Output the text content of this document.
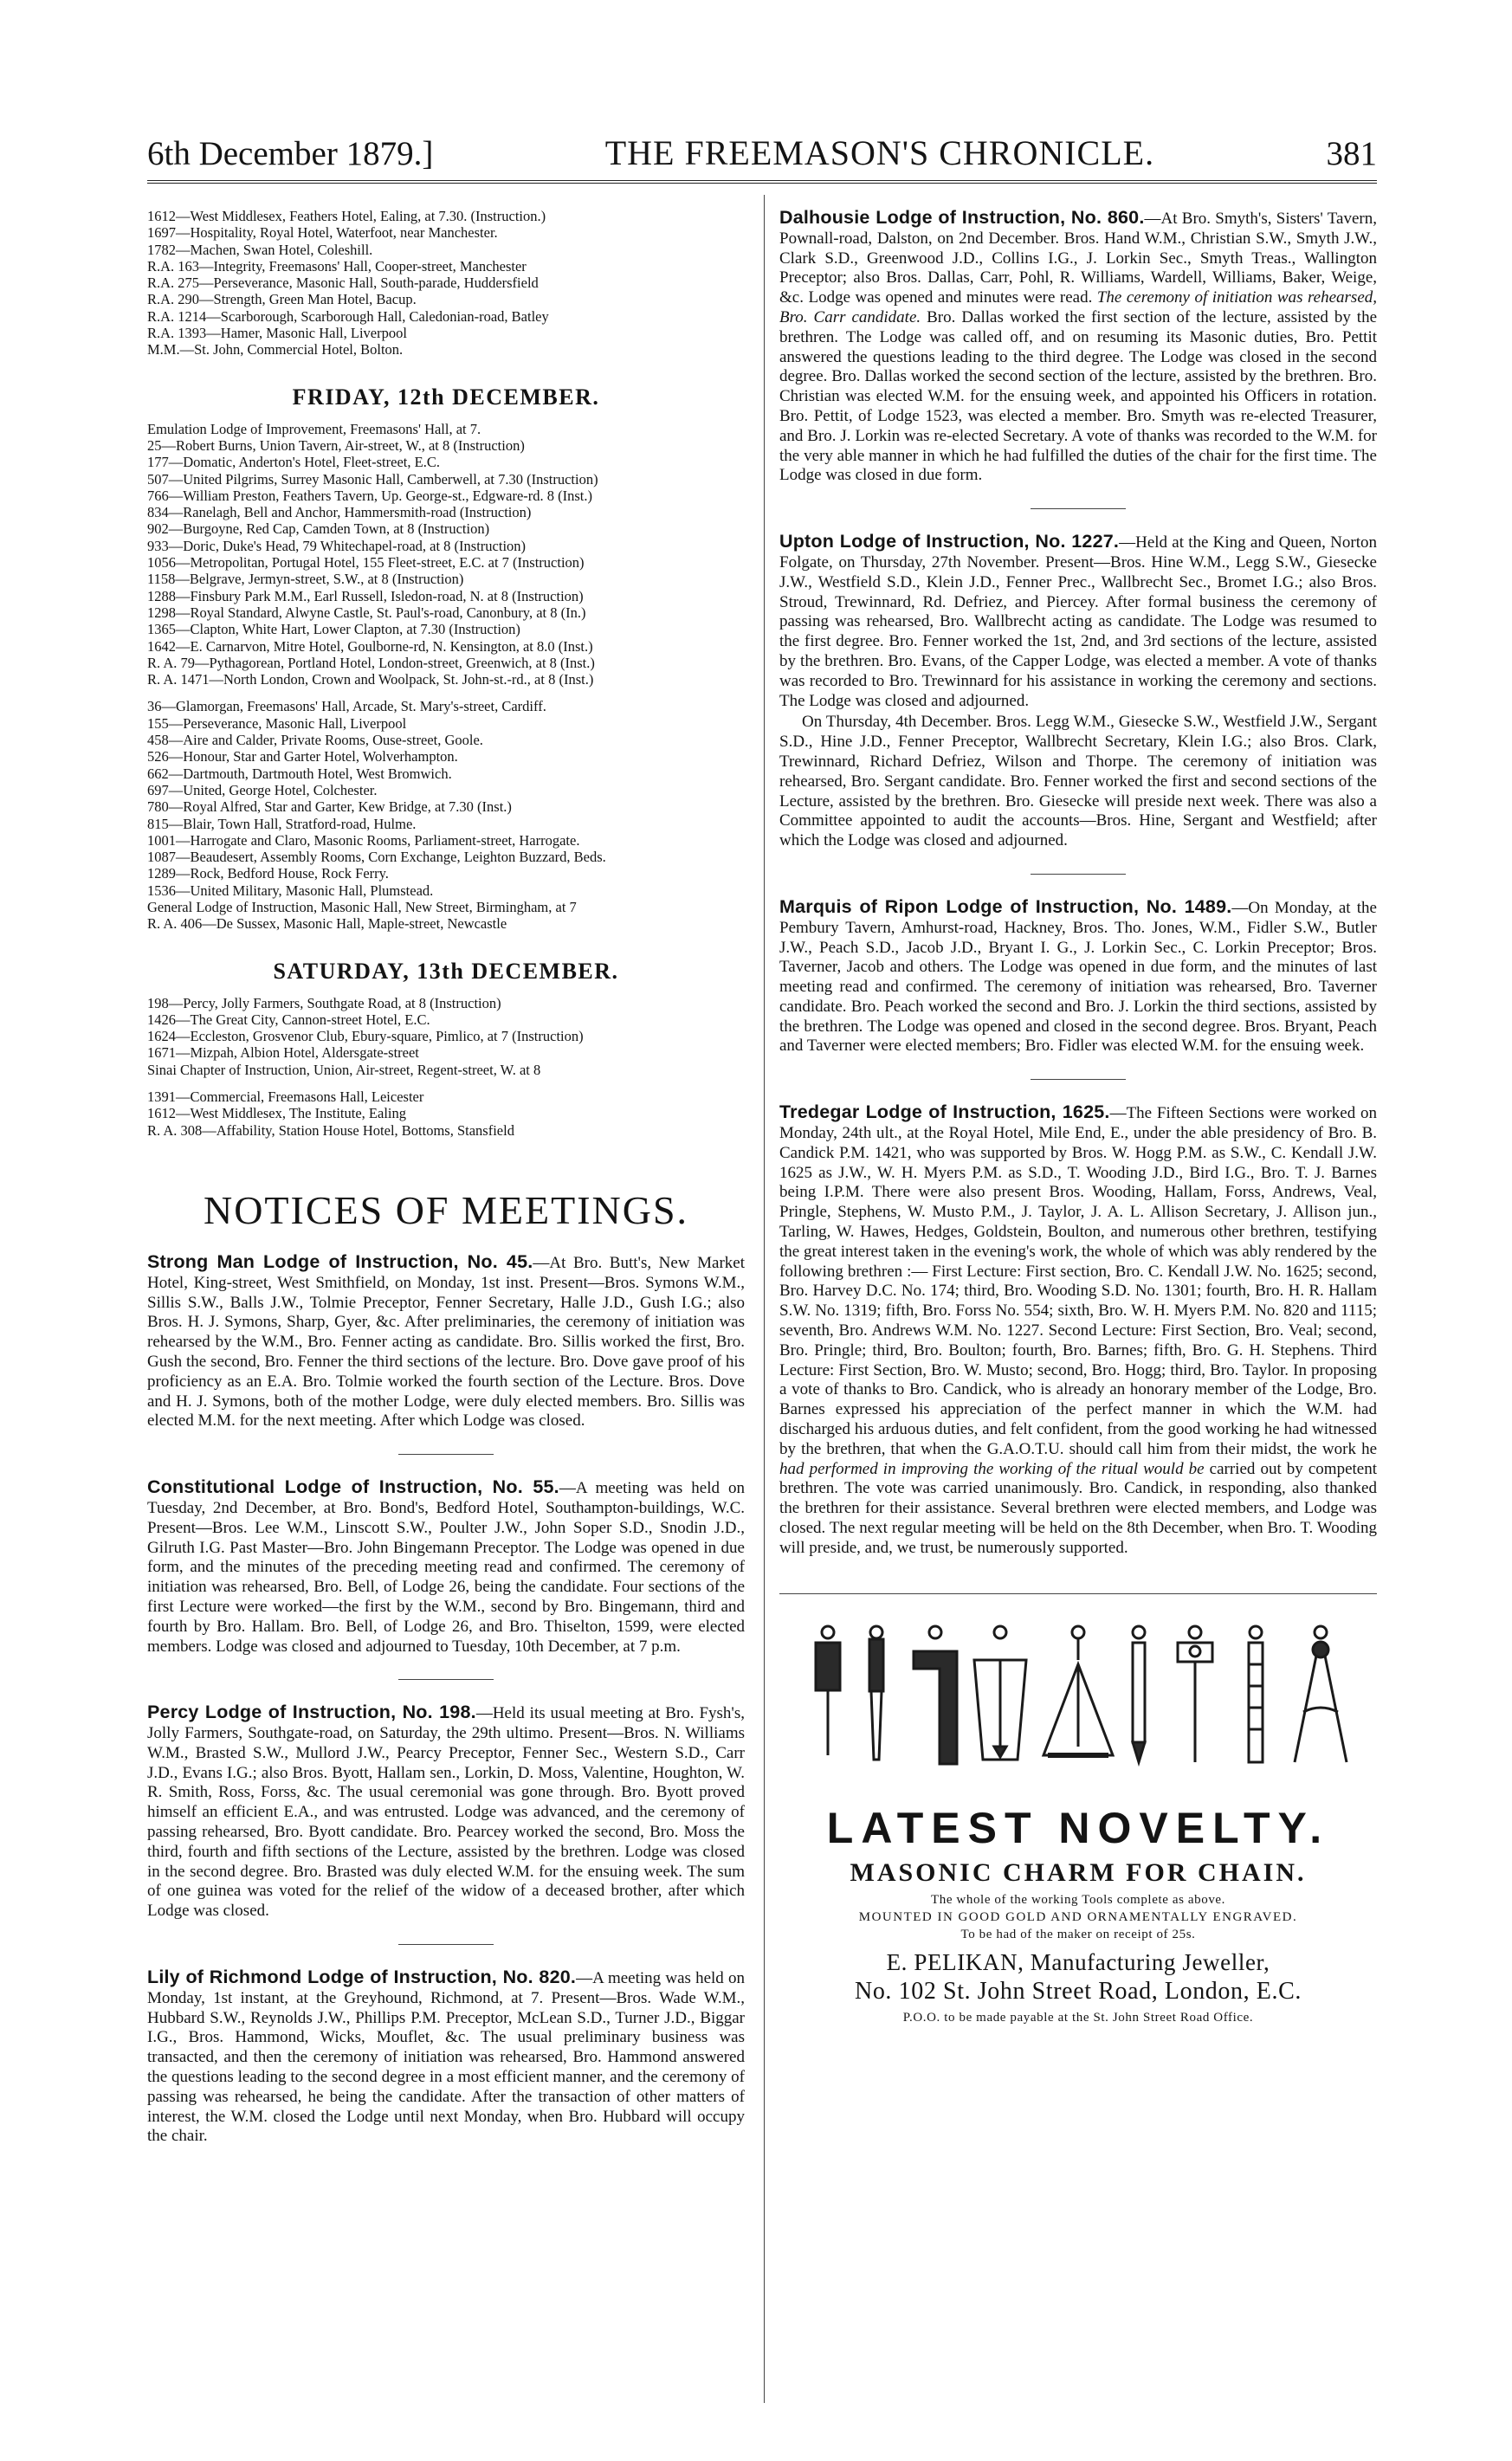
6th December 1879.]	THE FREEMASON'S CHRONICLE.	381
1612—West Middlesex, Feathers Hotel, Ealing, at 7.30. (Instruction.)
1697—Hospitality, Royal Hotel, Waterfoot, near Manchester.
1782—Machen, Swan Hotel, Coleshill.
R.A. 163—Integrity, Freemasons' Hall, Cooper-street, Manchester
R.A. 275—Perseverance, Masonic Hall, South-parade, Huddersfield
R.A. 290—Strength, Green Man Hotel, Bacup.
R.A. 1214—Scarborough, Scarborough Hall, Caledonian-road, Batley
R.A. 1393—Hamer, Masonic Hall, Liverpool
M.M.—St. John, Commercial Hotel, Bolton.
FRIDAY, 12th DECEMBER.
Emulation Lodge of Improvement, Freemasons' Hall, at 7.
25—Robert Burns, Union Tavern, Air-street, W., at 8 (Instruction)
177—Domatic, Anderton's Hotel, Fleet-street, E.C.
507—United Pilgrims, Surrey Masonic Hall, Camberwell, at 7.30 (Instruction)
766—William Preston, Feathers Tavern, Up. George-st., Edgware-rd. 8 (Inst.)
834—Ranelagh, Bell and Anchor, Hammersmith-road (Instruction)
902—Burgoyne, Red Cap, Camden Town, at 8 (Instruction)
933—Doric, Duke's Head, 79 Whitechapel-road, at 8 (Instruction)
1056—Metropolitan, Portugal Hotel, 155 Fleet-street, E.C. at 7 (Instruction)
1158—Belgrave, Jermyn-street, S.W., at 8 (Instruction)
1288—Finsbury Park M.M., Earl Russell, Isledon-road, N. at 8 (Instruction)
1298—Royal Standard, Alwyne Castle, St. Paul's-road, Canonbury, at 8 (In.)
1365—Clapton, White Hart, Lower Clapton, at 7.30 (Instruction)
1642—E. Carnarvon, Mitre Hotel, Goulborne-rd, N. Kensington, at 8.0 (Inst.)
R. A. 79—Pythagorean, Portland Hotel, London-street, Greenwich, at 8 (Inst.)
R. A. 1471—North London, Crown and Woolpack, St. John-st.-rd., at 8 (Inst.)
36—Glamorgan, Freemasons' Hall, Arcade, St. Mary's-street, Cardiff.
155—Perseverance, Masonic Hall, Liverpool
458—Aire and Calder, Private Rooms, Ouse-street, Goole.
526—Honour, Star and Garter Hotel, Wolverhampton.
662—Dartmouth, Dartmouth Hotel, West Bromwich.
697—United, George Hotel, Colchester.
780—Royal Alfred, Star and Garter, Kew Bridge, at 7.30 (Inst.)
815—Blair, Town Hall, Stratford-road, Hulme.
1001—Harrogate and Claro, Masonic Rooms, Parliament-street, Harrogate.
1087—Beaudesert, Assembly Rooms, Corn Exchange, Leighton Buzzard, Beds.
1289—Rock, Bedford House, Rock Ferry.
1536—United Military, Masonic Hall, Plumstead.
General Lodge of Instruction, Masonic Hall, New Street, Birmingham, at 7
R. A. 406—De Sussex, Masonic Hall, Maple-street, Newcastle
SATURDAY, 13th DECEMBER.
198—Percy, Jolly Farmers, Southgate Road, at 8 (Instruction)
1426—The Great City, Cannon-street Hotel, E.C.
1624—Eccleston, Grosvenor Club, Ebury-square, Pimlico, at 7 (Instruction)
1671—Mizpah, Albion Hotel, Aldersgate-street
Sinai Chapter of Instruction, Union, Air-street, Regent-street, W. at 8
1391—Commercial, Freemasons Hall, Leicester
1612—West Middlesex, The Institute, Ealing
R. A. 308—Affability, Station House Hotel, Bottoms, Stansfield
NOTICES OF MEETINGS.

Strong Man Lodge of Instruction, No. 45.—At Bro. Butt's, New Market Hotel, King-street, West Smithfield, on Monday, 1st inst. Present—Bros. Symons W.M., Sillis S.W., Balls J.W., Tolmie Preceptor, Fenner Secretary, Halle J.D., Gush I.G.; also Bros. H. J. Symons, Sharp, Gyer, &c. After preliminaries, the ceremony of initiation was rehearsed by the W.M., Bro. Fenner acting as candidate. Bro. Sillis worked the first, Bro. Gush the second, Bro. Fenner the third sections of the lecture. Bro. Dove gave proof of his proficiency as an E.A. Bro. Tolmie worked the fourth section of the Lecture. Bros. Dove and H. J. Symons, both of the mother Lodge, were duly elected members. Bro. Sillis was elected M.M. for the next meeting. After which Lodge was closed.

Constitutional Lodge of Instruction, No. 55.—A meeting was held on Tuesday, 2nd December, at Bro. Bond's, Bedford Hotel, Southampton-buildings, W.C. Present—Bros. Lee W.M., Linscott S.W., Poulter J.W., John Soper S.D., Snodin J.D., Gilruth I.G. Past Master—Bro. John Bingemann Preceptor. The Lodge was opened in due form, and the minutes of the preceding meeting read and confirmed. The ceremony of initiation was rehearsed, Bro. Bell, of Lodge 26, being the candidate. Four sections of the first Lecture were worked—the first by the W.M., second by Bro. Bingemann, third and fourth by Bro. Hallam. Bro. Bell, of Lodge 26, and Bro. Thiselton, 1599, were elected members. Lodge was closed and adjourned to Tuesday, 10th December, at 7 p.m.

Percy Lodge of Instruction, No. 198.—Held its usual meeting at Bro. Fysh's, Jolly Farmers, Southgate-road, on Saturday, the 29th ultimo. Present—Bros. N. Williams W.M., Brasted S.W., Mullord J.W., Pearcy Preceptor, Fenner Sec., Western S.D., Carr J.D., Evans I.G.; also Bros. Byott, Hallam sen., Lorkin, D. Moss, Valentine, Houghton, W. R. Smith, Ross, Forss, &c. The usual ceremonial was gone through. Bro. Byott proved himself an efficient E.A., and was entrusted. Lodge was advanced, and the ceremony of passing rehearsed, Bro. Byott candidate. Bro. Pearcey worked the second, Bro. Moss the third, fourth and fifth sections of the Lecture, assisted by the brethren. Lodge was closed in the second degree. Bro. Brasted was duly elected W.M. for the ensuing week. The sum of one guinea was voted for the relief of the widow of a deceased brother, after which Lodge was closed.

Lily of Richmond Lodge of Instruction, No. 820.—A meeting was held on Monday, 1st instant, at the Greyhound, Richmond, at 7. Present—Bros. Wade W.M., Hubbard S.W., Reynolds J.W., Phillips P.M. Preceptor, McLean S.D., Turner J.D., Biggar I.G., Bros. Hammond, Wicks, Mouflet, &c. The usual preliminary business was transacted, and then the ceremony of initiation was rehearsed, Bro. Hammond answered the questions leading to the second degree in a most efficient manner, and the ceremony of passing was rehearsed, he being the candidate. After the transaction of other matters of interest, the W.M. closed the Lodge until next Monday, when Bro. Hubbard will occupy the chair.

Dalhousie Lodge of Instruction, No. 860.—At Bro. Smyth's, Sisters' Tavern, Pownall-road, Dalston, on 2nd December. Bros. Hand W.M., Christian S.W., Smyth J.W., Clark S.D., Greenwood J.D., Collins I.G., J. Lorkin Sec., Smyth Treas., Wallington Preceptor; also Bros. Dallas, Carr, Pohl, R. Williams, Wardell, Williams, Baker, Weige, &c. Lodge was opened and minutes were read. The ceremony of initiation was rehearsed, Bro. Carr candidate. Bro. Dallas worked the first section of the lecture, assisted by the brethren. The Lodge was called off, and on resuming its Masonic duties, Bro. Pettit answered the questions leading to the third degree. The Lodge was closed in the second degree. Bro. Dallas worked the second section of the lecture, assisted by the brethren. Bro. Christian was elected W.M. for the ensuing week, and appointed his Officers in rotation. Bro. Pettit, of Lodge 1523, was elected a member. Bro. Smyth was re-elected Treasurer, and Bro. J. Lorkin was re-elected Secretary. A vote of thanks was recorded to the W.M. for the very able manner in which he had fulfilled the duties of the chair for the first time. The Lodge was closed in due form.

Upton Lodge of Instruction, No. 1227.—Held at the King and Queen, Norton Folgate, on Thursday, 27th November. Present—Bros. Hine W.M., Legg S.W., Giesecke J.W., Westfield S.D., Klein J.D., Fenner Prec., Wallbrecht Sec., Bromet I.G.; also Bros. Stroud, Trewinnard, Rd. Defriez, and Piercey. After formal business the ceremony of passing was rehearsed, Bro. Wallbrecht acting as candidate. The Lodge was resumed to the first degree. Bro. Fenner worked the 1st, 2nd, and 3rd sections of the lecture, assisted by the brethren. Bro. Evans, of the Capper Lodge, was elected a member. A vote of thanks was recorded to Bro. Trewinnard for his assistance in working the ceremony and sections. The Lodge was closed and adjourned.

On Thursday, 4th December. Bros. Legg W.M., Giesecke S.W., Westfield J.W., Sergant S.D., Hine J.D., Fenner Preceptor, Wallbrecht Secretary, Klein I.G.; also Bros. Clark, Trewinnard, Richard Defriez, Wilson and Thorpe. The ceremony of initiation was rehearsed, Bro. Sergant candidate. Bro. Fenner worked the first and second sections of the Lecture, assisted by the brethren. Bro. Giesecke will preside next week. There was also a Committee appointed to audit the accounts—Bros. Hine, Sergant and Westfield; after which the Lodge was closed and adjourned.

Marquis of Ripon Lodge of Instruction, No. 1489.—On Monday, at the Pembury Tavern, Amhurst-road, Hackney, Bros. Tho. Jones, W.M., Fidler S.W., Butler J.W., Peach S.D., Jacob J.D., Bryant I. G., J. Lorkin Sec., C. Lorkin Preceptor; Bros. Taverner, Jacob and others. The Lodge was opened in due form, and the minutes of last meeting read and confirmed. The ceremony of initiation was rehearsed, Bro. Taverner candidate. Bro. Peach worked the second and Bro. J. Lorkin the third sections, assisted by the brethren. The Lodge was opened and closed in the second degree. Bros. Bryant, Peach and Taverner were elected members; Bro. Fidler was elected W.M. for the ensuing week.

Tredegar Lodge of Instruction, 1625.—The Fifteen Sections were worked on Monday, 24th ult., at the Royal Hotel, Mile End, E., under the able presidency of Bro. B. Candick P.M. 1421, who was supported by Bros. W. Hogg P.M. as S.W., C. Kendall J.W. 1625 as J.W., W. H. Myers P.M. as S.D., T. Wooding J.D., Bird I.G., Bro. T. J. Barnes being I.P.M. There were also present Bros. Wooding, Hallam, Forss, Andrews, Veal, Pringle, Stephens, W. Musto P.M., J. Taylor, J. A. L. Allison Secretary, J. Allison jun., Tarling, W. Hawes, Hedges, Goldstein, Boulton, and numerous other brethren, testifying the great interest taken in the evening's work, the whole of which was ably rendered by the following brethren :— First Lecture: First section, Bro. C. Kendall J.W. No. 1625; second, Bro. Harvey D.C. No. 174; third, Bro. Wooding S.D. No. 1301; fourth, Bro. H. R. Hallam S.W. No. 1319; fifth, Bro. Forss No. 554; sixth, Bro. W. H. Myers P.M. No. 820 and 1115; seventh, Bro. Andrews W.M. No. 1227. Second Lecture: First Section, Bro. Veal; second, Bro. Pringle; third, Bro. Boulton; fourth, Bro. Barnes; fifth, Bro. G. H. Stephens. Third Lecture: First Section, Bro. W. Musto; second, Bro. Hogg; third, Bro. Taylor. In proposing a vote of thanks to Bro. Candick, who is already an honorary member of the Lodge, Bro. Barnes expressed his appreciation of the perfect manner in which the W.M. had discharged his arduous duties, and felt confident, from the good working he had witnessed by the brethren, that when the G.A.O.T.U. should call him from their midst, the work he had performed in improving the working of the ritual would be carried out by competent brethren. The vote was carried unanimously. Bro. Candick, in responding, also thanked the brethren for their assistance. Several brethren were elected members, and Lodge was closed. The next regular meeting will be held on the 8th December, when Bro. T. Wooding will preside, and, we trust, be numerously supported.

LATEST NOVELTY.
MASONIC CHARM FOR CHAIN.
The whole of the working Tools complete as above.
MOUNTED IN GOOD GOLD AND ORNAMENTALLY ENGRAVED.
To be had of the maker on receipt of 25s.
E. PELIKAN, Manufacturing Jeweller,
No. 102 St. John Street Road, London, E.C.
P.O.O. to be made payable at the St. John Street Road Office.
